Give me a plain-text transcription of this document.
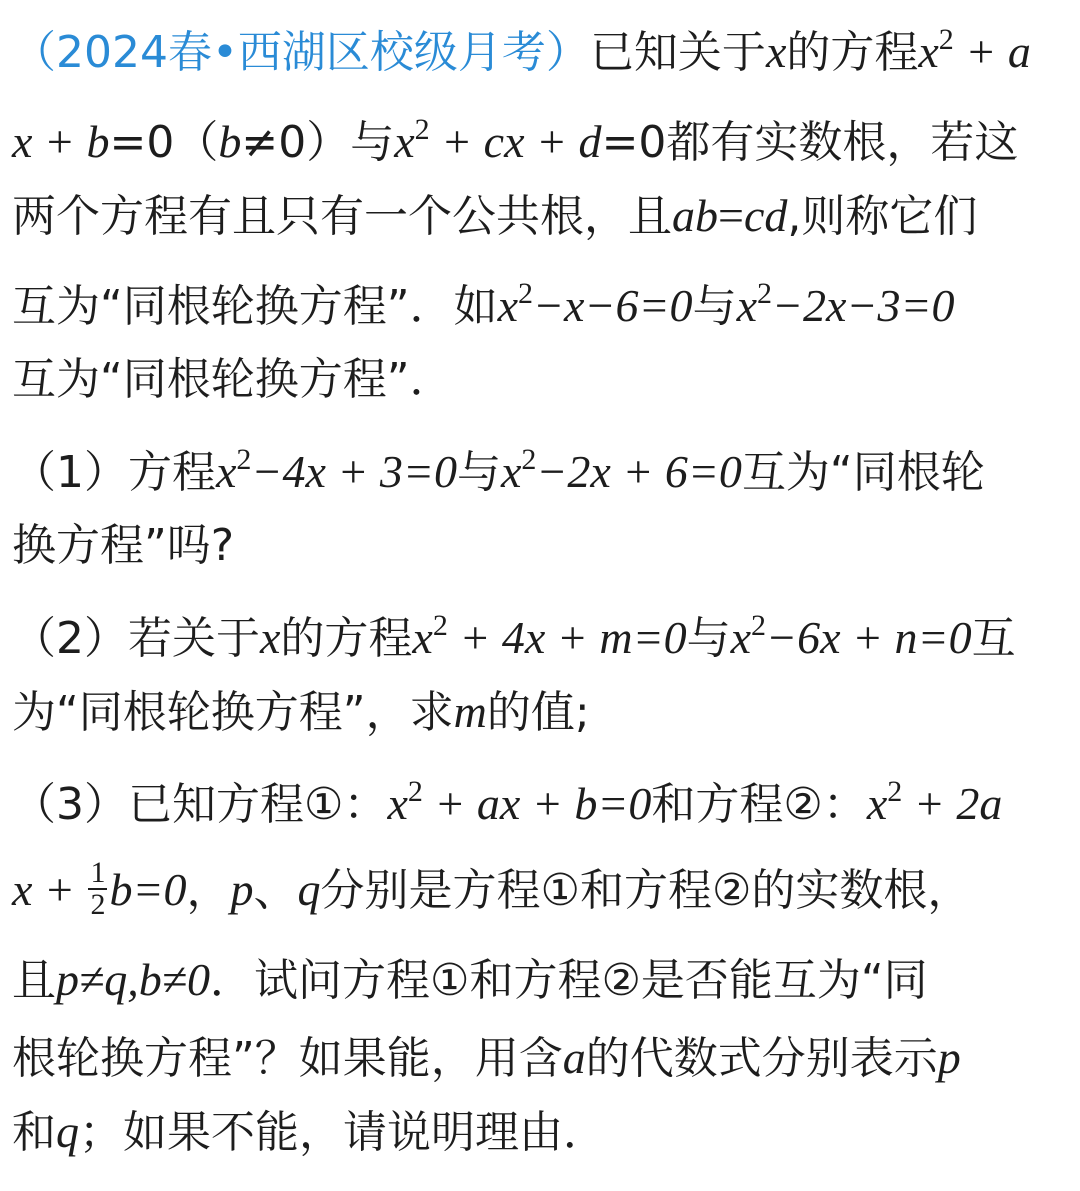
（2024春•西湖区校级月考）已知关于x的方程$x^2 + a$
x + b=0（b≠0）与$x^2$ + cx + d=0都有实数根，若这
两个方程有且只有一个公共根，且ab=cd,则称它们
互为“同根轮换方程”．如$x^2-x-6=0$与$x^2-2x-3=0$
互为“同根轮换方程”．
（1）方程$x^2-4x + 3=0$与$x^2-2x + 6=0$互为“同根轮
换方程”吗?
（2）若关于x的方程$x^2 + 4x + m=0$与$x^2-6x + n=0$互
为“同根轮换方程”，求m的值;
（3）已知方程①：$x^2$ + ax + b=0和方程②：$x^2 + 2a$
$x + \frac{1}{2} b=0$，p、q分别是方程①和方程②的实数根，
且p≠q,b≠0．试问方程①和方程②是否能互为“同
根轮换方程”？如果能，用含a的代数式分别表示p
和q；如果不能，请说明理由．
